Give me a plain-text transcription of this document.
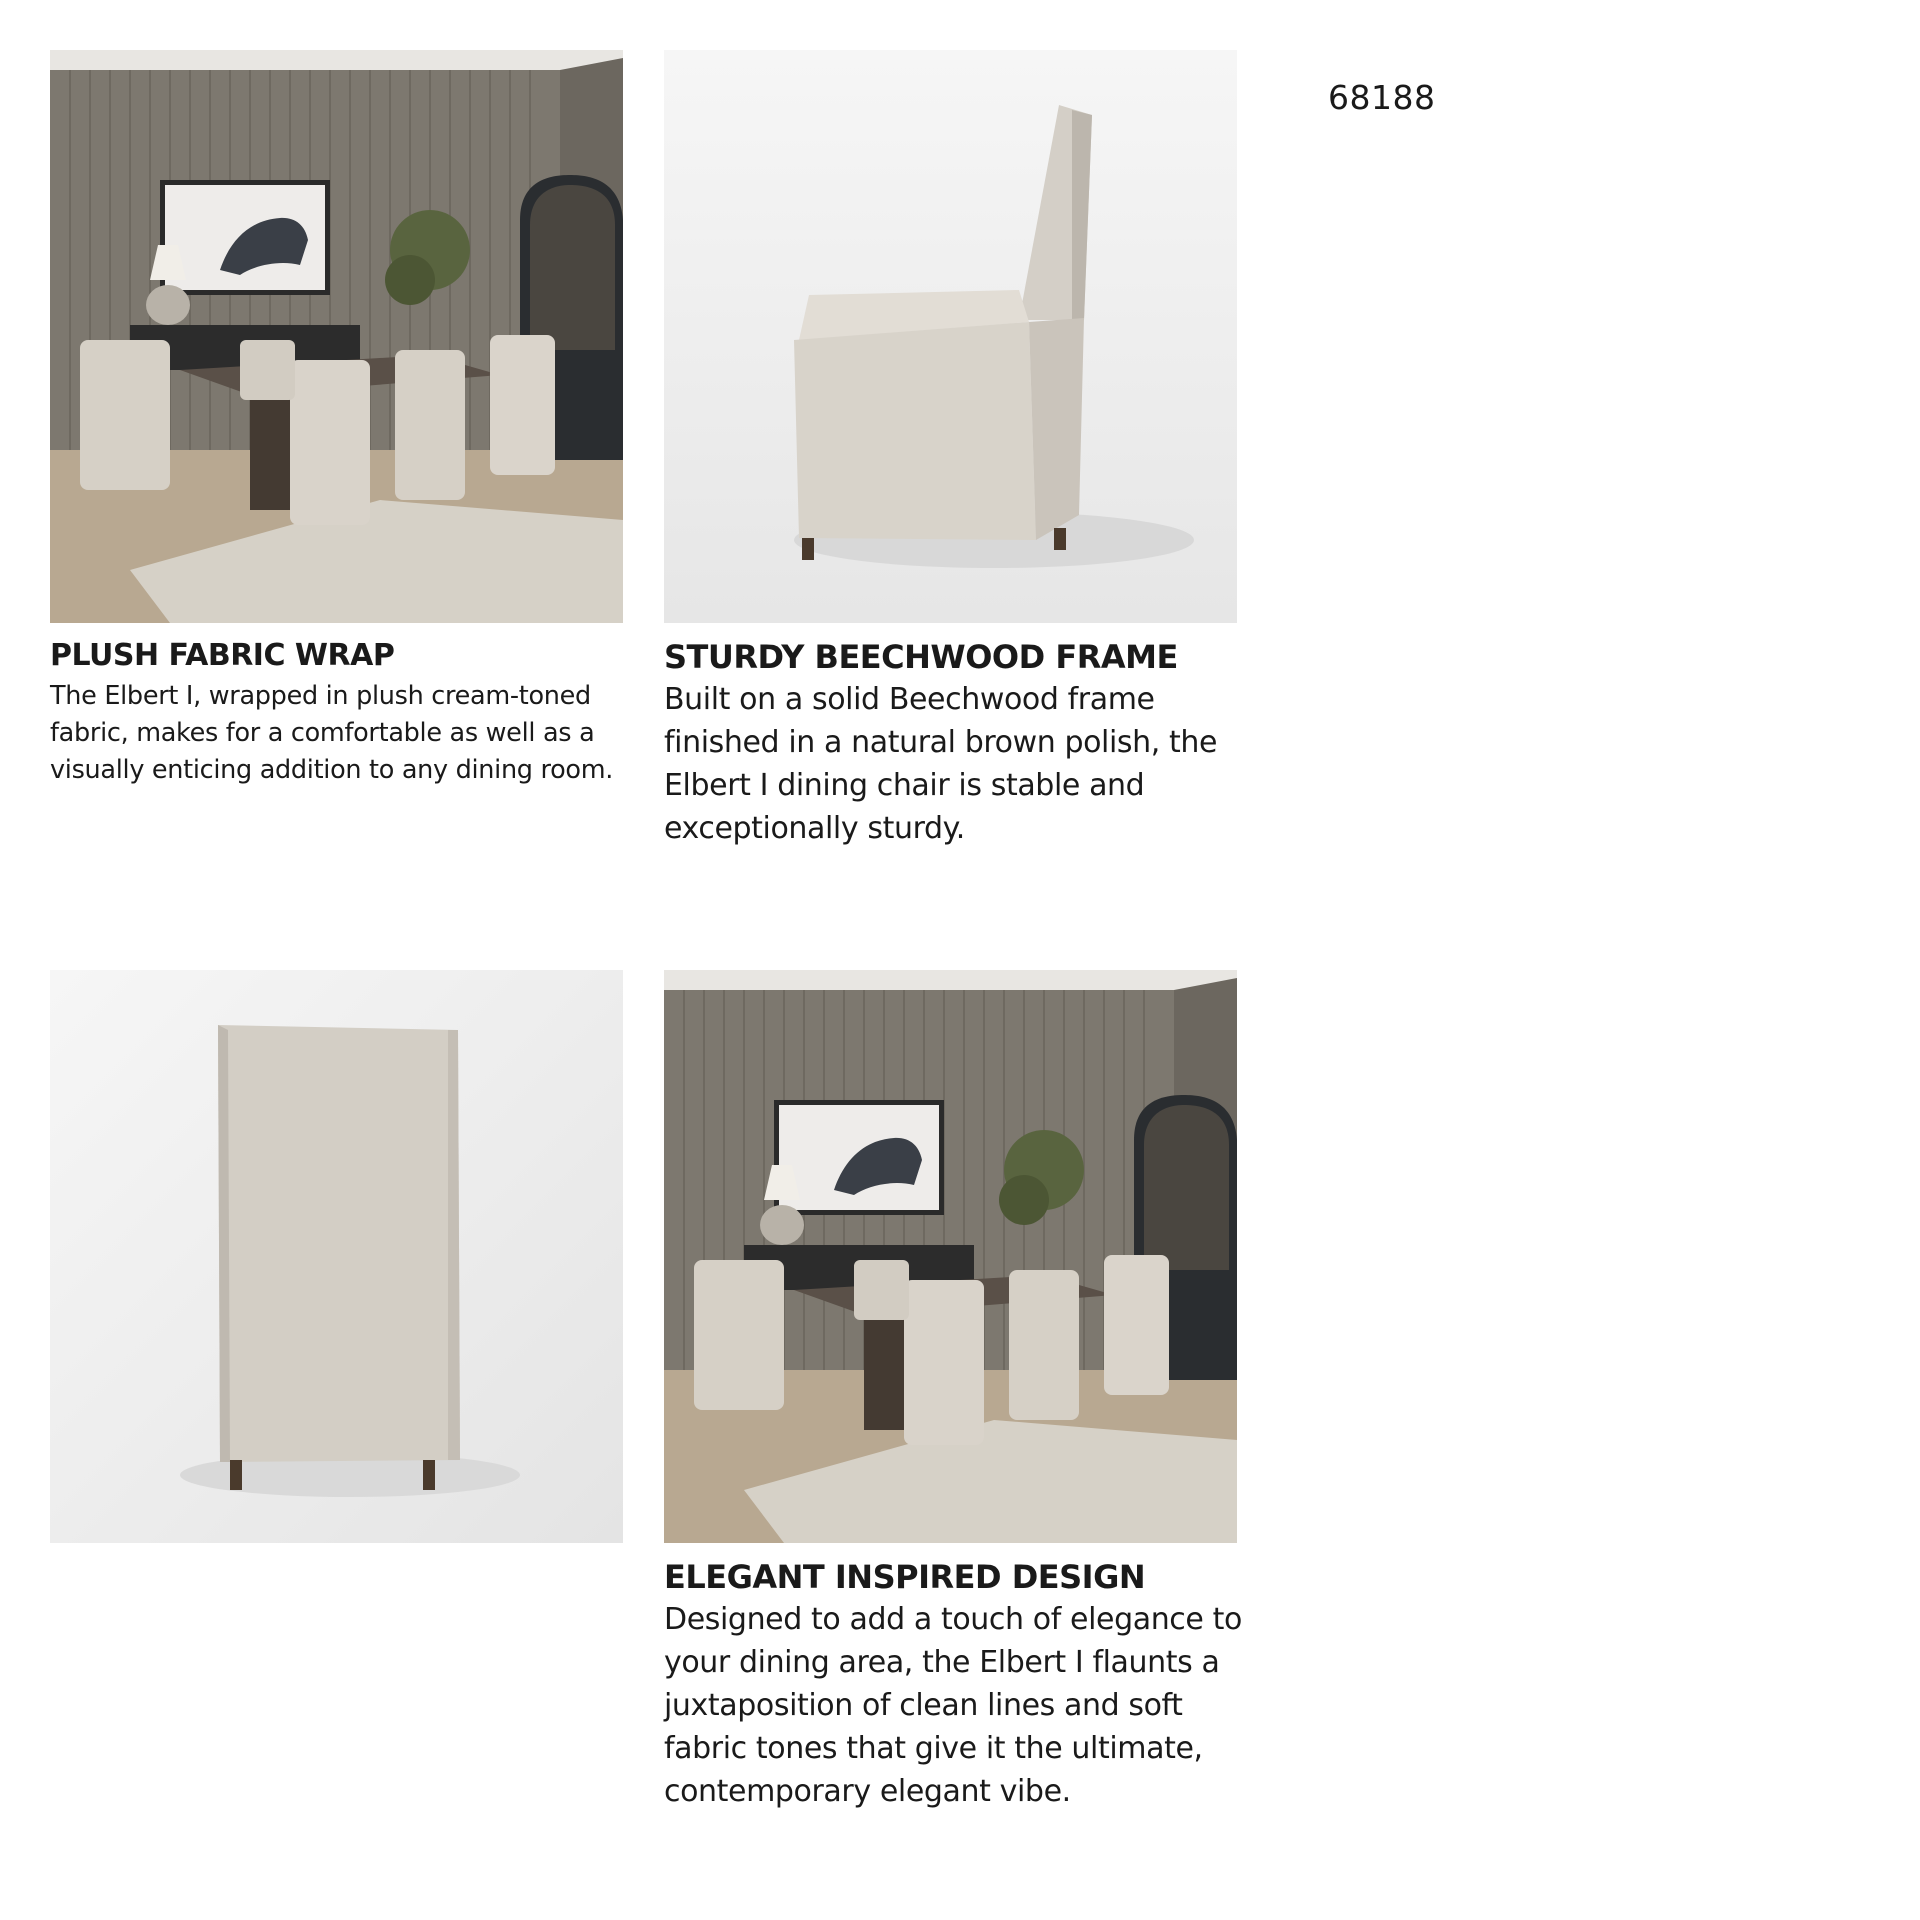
68188
PLUSH FABRIC WRAP
The Elbert I, wrapped in plush cream-toned fabric, makes for a comfortable as well as a visually enticing addition to any dining room.
STURDY BEECHWOOD FRAME
Built on a solid Beechwood frame finished in a natural brown polish, the Elbert I dining chair is stable and exceptionally sturdy.
ELEGANT INSPIRED DESIGN
Designed to add a touch of elegance to your dining area, the Elbert I flaunts a juxtaposition of clean lines and soft fabric tones that give it the ultimate, contemporary elegant vibe.
